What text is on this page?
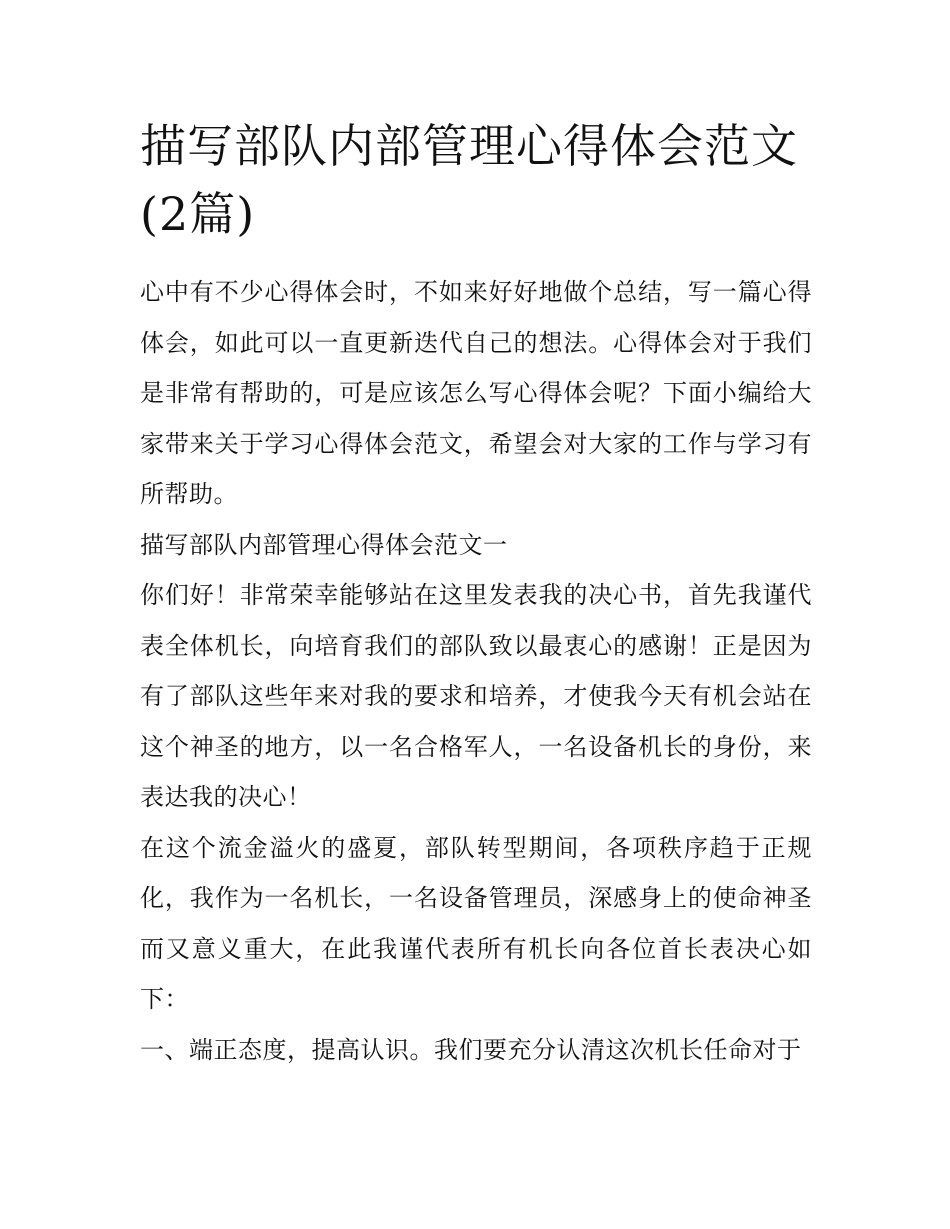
描写部队内部管理心得体会范文(2篇)

心中有不少心得体会时，不如来好好地做个总结，写一篇心得体会，如此可以一直更新迭代自己的想法。心得体会对于我们是非常有帮助的，可是应该怎么写心得体会呢？下面小编给大家带来关于学习心得体会范文，希望会对大家的工作与学习有所帮助。

描写部队内部管理心得体会范文一

你们好！非常荣幸能够站在这里发表我的决心书，首先我谨代表全体机长，向培育我们的部队致以最衷心的感谢！正是因为有了部队这些年来对我的要求和培养，才使我今天有机会站在这个神圣的地方，以一名合格军人，一名设备机长的身份，来表达我的决心！

在这个流金溢火的盛夏，部队转型期间，各项秩序趋于正规化，我作为一名机长，一名设备管理员，深感身上的使命神圣而又意义重大，在此我谨代表所有机长向各位首长表决心如下：

一、端正态度，提高认识。我们要充分认清这次机长任命对于
